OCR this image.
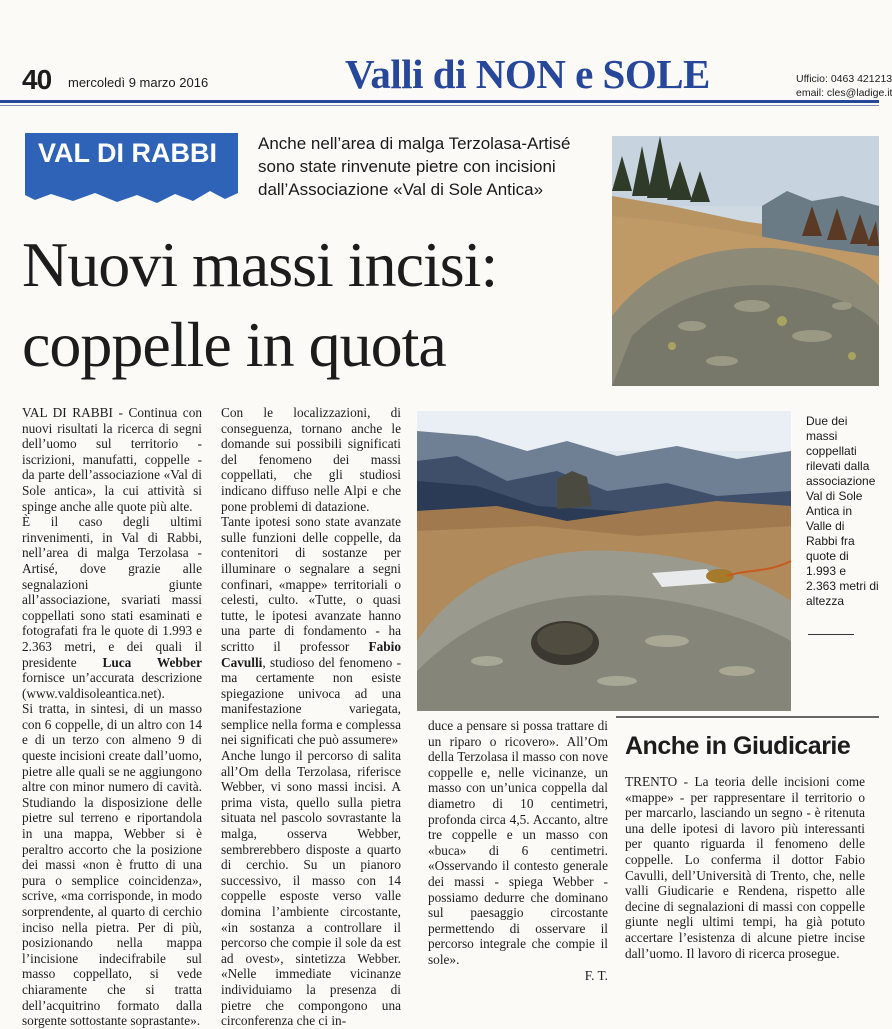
40 mercoledì 9 marzo 2016	Valli di NON e SOLE	Ufficio: 0463 421213
email: cles@ladige.it
VAL DI RABBI Anche nell’area di malga Terzolasa-Artisé sono state rinvenute pietre con incisioni dall’Associazione «Val di Sole Antica»
Nuovi massi incisi:
coppelle in quota
Due dei massi coppellati rilevati dalla associazione Val di Sole Antica in Valle di Rabbi fra quote di 1.993 e 2.363 metri di altezza

VAL DI RABBI - Continua con nuovi risultati la ricerca di segni dell’uomo sul territorio - iscrizioni, manufatti, coppelle - da parte dell’associazione «Val di Sole antica», la cui attività si spinge anche alle quote più alte.

È il caso degli ultimi rinvenimenti, in Val di Rabbi, nell’area di malga Terzolasa - Artisé, dove grazie alle segnalazioni giunte all’associazione, svariati massi coppellati sono stati esaminati e fotografati fra le quote di 1.993 e 2.363 metri, e dei quali il presidente Luca Webber fornisce un’accurata descrizione (www.valdisoleantica.net).

Si tratta, in sintesi, di un masso con 6 coppelle, di un altro con 14 e di un terzo con almeno 9 di queste incisioni create dall’uomo, pietre alle quali se ne aggiungono altre con minor numero di cavità. Studiando la disposizione delle pietre sul terreno e riportandola in una mappa, Webber si è peraltro accorto che la posizione dei massi «non è frutto di una pura o semplice coincidenza», scrive, «ma corrisponde, in modo sorprendente, al quarto di cerchio inciso nella pietra. Per di più, posizionando nella mappa l’incisione indecifrabile sul masso coppellato, si vede chiaramente che si tratta dell’acquitrino formato dalla sorgente sottostante soprastante».

Con le localizzazioni, di conseguenza, tornano anche le domande sui possibili significati del fenomeno dei massi coppellati, che gli studiosi indicano diffuso nelle Alpi e che pone problemi di datazione.

Tante ipotesi sono state avanzate sulle funzioni delle coppelle, da contenitori di sostanze per illuminare o segnalare a segni confinari, «mappe» territoriali o celesti, culto. «Tutte, o quasi tutte, le ipotesi avanzate hanno una parte di fondamento - ha scritto il professor Fabio Cavulli, studioso del fenomeno - ma certamente non esiste spiegazione univoca ad una manifestazione variegata, semplice nella forma e complessa nei significati che può assumere»

Anche lungo il percorso di salita all’Om della Terzolasa, riferisce Webber, vi sono massi incisi. A prima vista, quello sulla pietra situata nel pascolo sovrastante la malga, osserva Webber, sembrerebbero disposte a quarto di cerchio. Su un pianoro successivo, il masso con 14 coppelle esposte verso valle domina l’ambiente circostante, «in sostanza a controllare il percorso che compie il sole da est ad ovest», sintetizza Webber. «Nelle immediate vicinanze individuiamo la presenza di pietre che compongono una circonferenza che ci in-

duce a pensare si possa trattare di un riparo o ricovero». All’Om della Terzolasa il masso con nove coppelle e, nelle vicinanze, un masso con un’unica coppella dal diametro di 10 centimetri, profonda circa 4,5. Accanto, altre tre coppelle e un masso con «buca» di 6 centimetri. «Osservando il contesto generale dei massi - spiega Webber - possiamo dedurre che dominano sul paesaggio circostante permettendo di osservare il percorso integrale che compie il sole».

F. T.

Anche in Giudicarie
TRENTO - La teoria delle incisioni come «mappe» - per rappresentare il territorio o per marcarlo, lasciando un segno - è ritenuta una delle ipotesi di lavoro più interessanti per quanto riguarda il fenomeno delle coppelle. Lo conferma il dottor Fabio Cavulli, dell’Università di Trento, che, nelle valli Giudicarie e Rendena, rispetto alle decine di segnalazioni di massi con coppelle giunte negli ultimi tempi, ha già potuto accertare l’esistenza di alcune pietre incise dall’uomo. Il lavoro di ricerca prosegue.
